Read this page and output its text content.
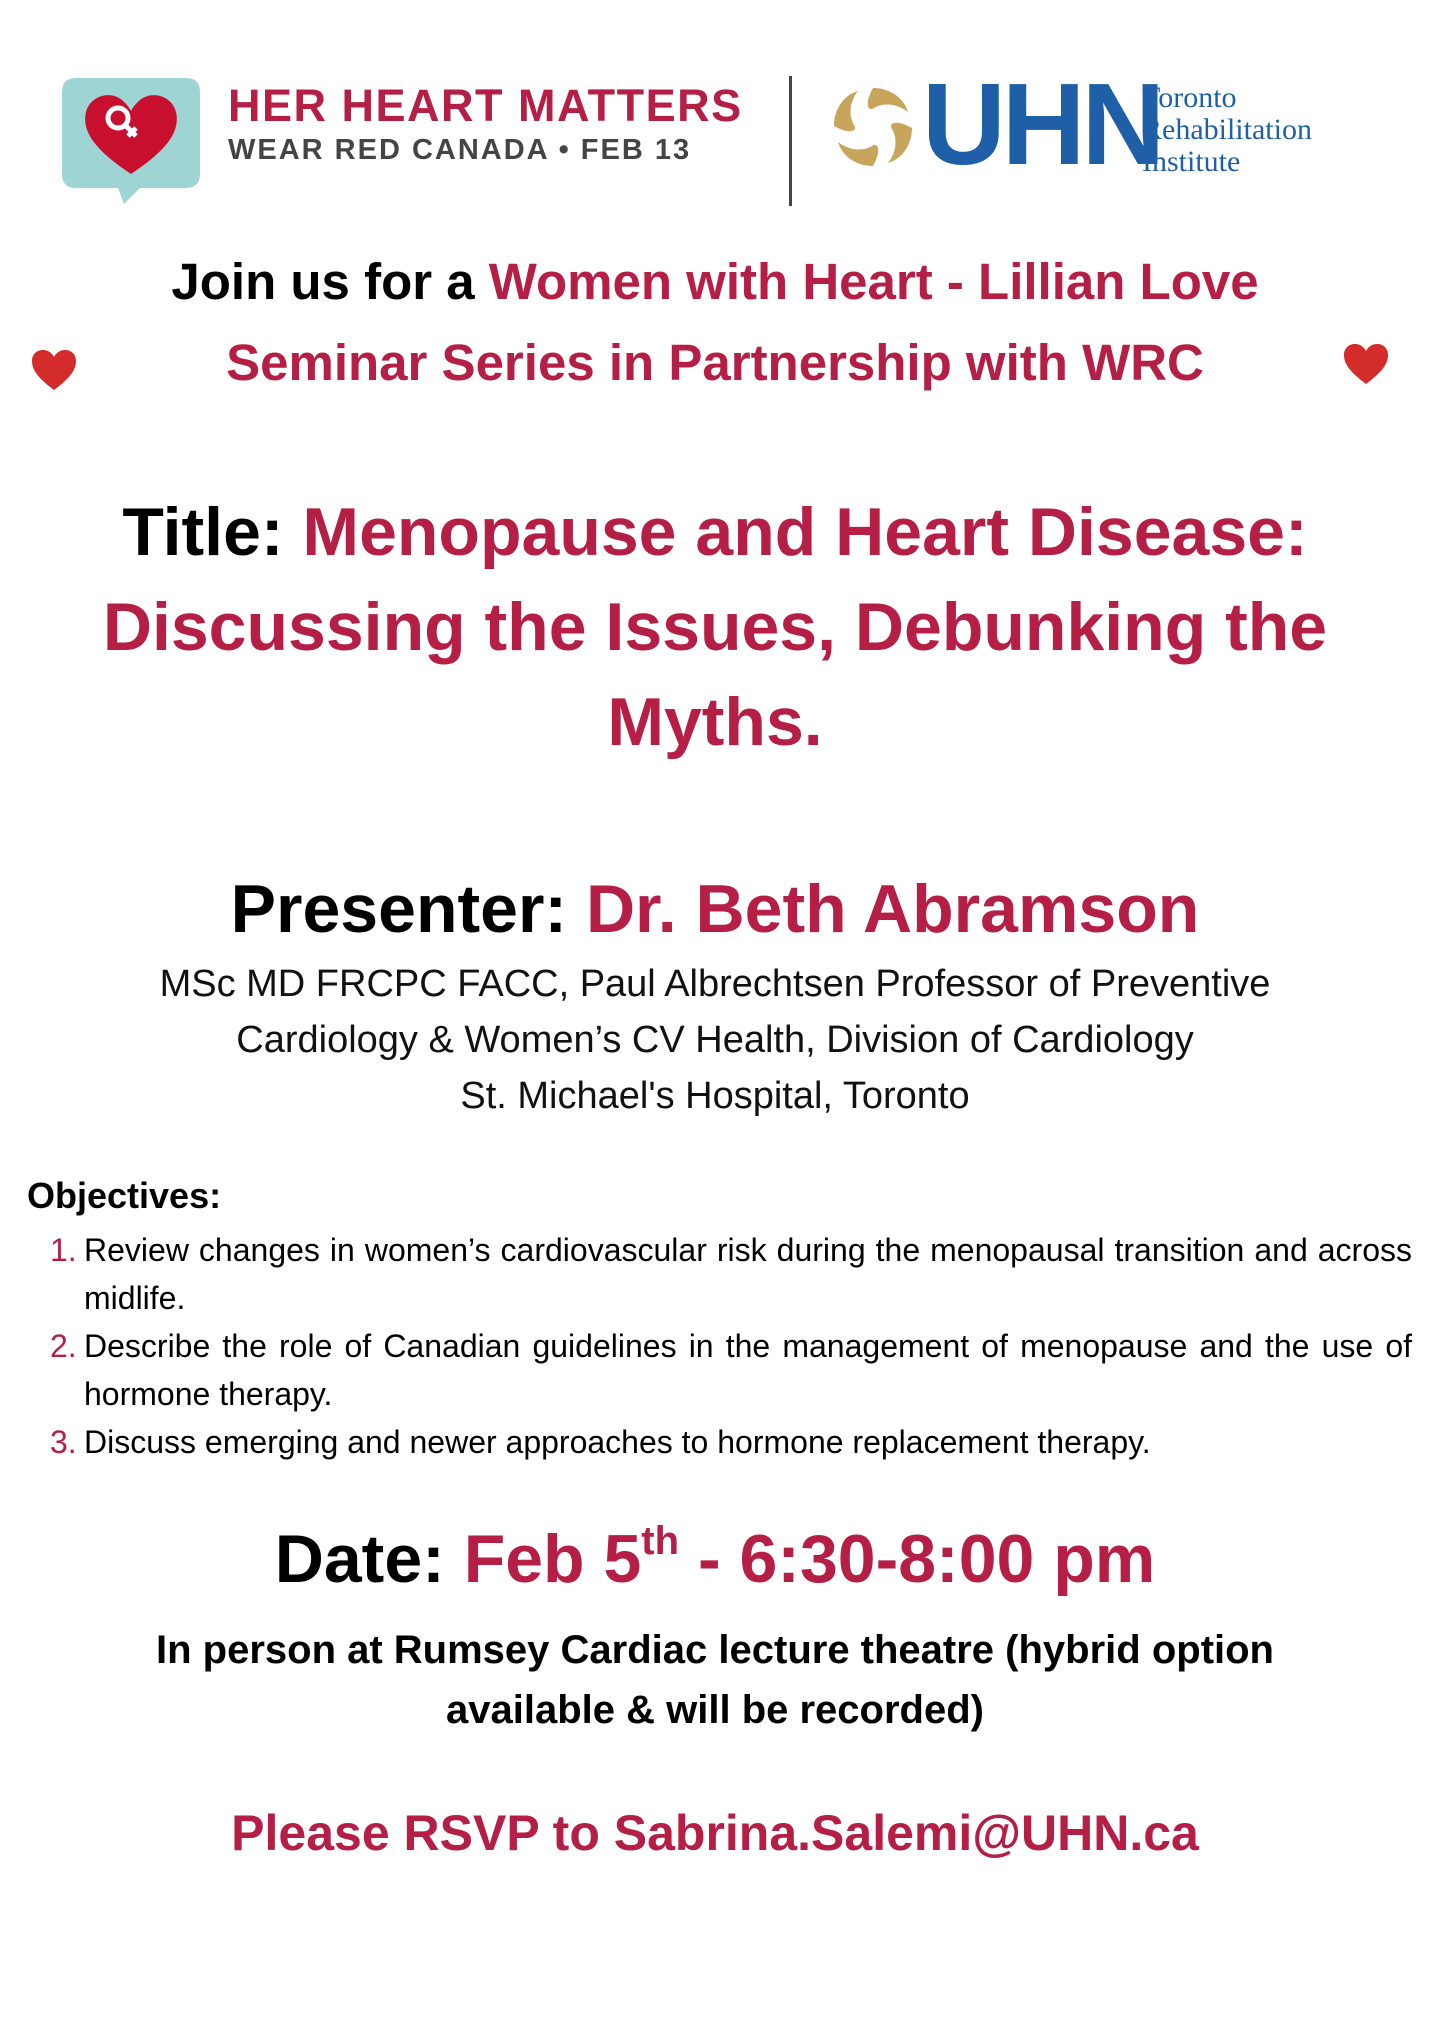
HER HEART MATTERS
WEAR RED CANADA • FEB 13 UHN
Toronto
Rehabilitation
Institute
Join us for a Women with Heart - Lillian Love
Seminar Series in Partnership with WRC
Title: Menopause and Heart Disease: Discussing the Issues, Debunking the Myths.
Presenter: Dr. Beth Abramson
MSc MD FRCPC FACC, Paul Albrechtsen Professor of Preventive
Cardiology & Women’s CV Health, Division of Cardiology
St. Michael's Hospital, Toronto
Objectives:
1. Review changes in women’s cardiovascular risk during the menopausal transition and across midlife.
2. Describe the role of Canadian guidelines in the management of menopause and the use of hormone therapy.
3. Discuss emerging and newer approaches to hormone replacement therapy.
Date: Feb 5th - 6:30-8:00 pm
In person at Rumsey Cardiac lecture theatre (hybrid option
available & will be recorded)
Please RSVP to Sabrina.Salemi@UHN.ca
